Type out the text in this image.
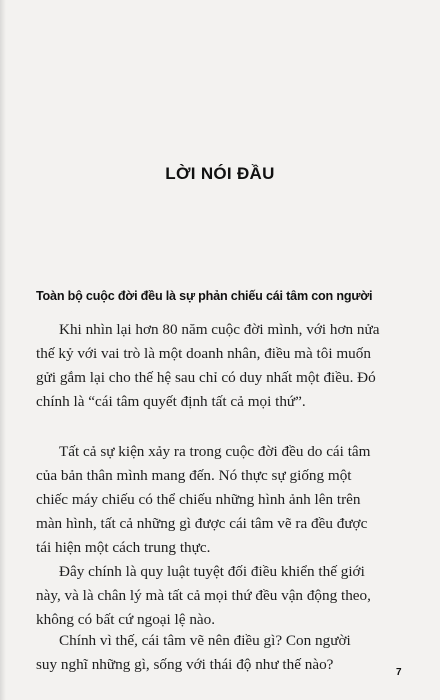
LỜI NÓI ĐẦU
Toàn bộ cuộc đời đều là sự phản chiếu cái tâm con người
Khi nhìn lại hơn 80 năm cuộc đời mình, với hơn nửa
thế kỷ với vai trò là một doanh nhân, điều mà tôi muốn
gửi gắm lại cho thế hệ sau chỉ có duy nhất một điều. Đó
chính là “cái tâm quyết định tất cả mọi thứ”.
Tất cả sự kiện xảy ra trong cuộc đời đều do cái tâm
của bản thân mình mang đến. Nó thực sự giống một
chiếc máy chiếu có thể chiếu những hình ảnh lên trên
màn hình, tất cả những gì được cái tâm vẽ ra đều được
tái hiện một cách trung thực.
Đây chính là quy luật tuyệt đối điều khiển thế giới
này, và là chân lý mà tất cả mọi thứ đều vận động theo,
không có bất cứ ngoại lệ nào.
Chính vì thế, cái tâm vẽ nên điều gì? Con người
suy nghĩ những gì, sống với thái độ như thế nào?	7
